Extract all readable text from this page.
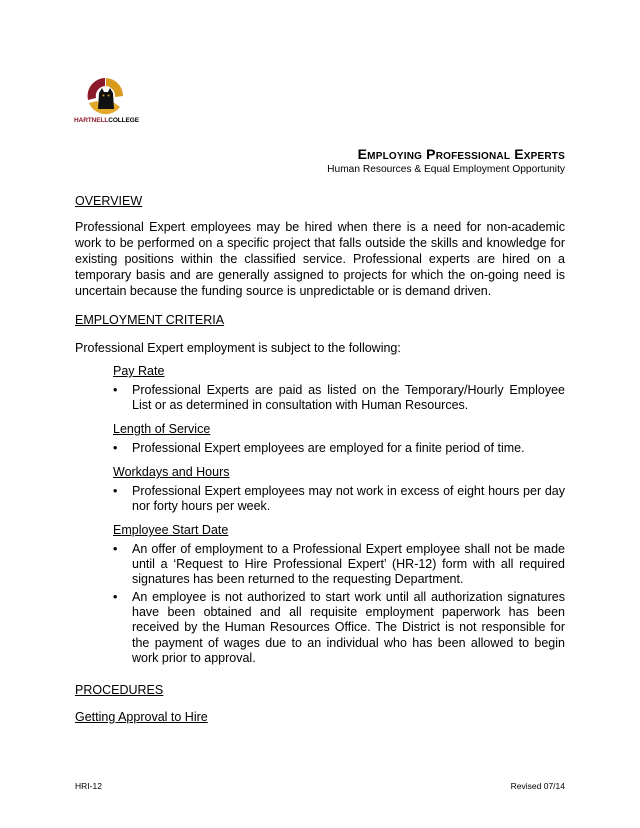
HARTNELLCOLLEGE
Employing Professional Experts
Human Resources & Equal Employment Opportunity
OVERVIEW

Professional Expert employees may be hired when there is a need for non-academic work to be performed on a specific project that falls outside the skills and knowledge for existing positions within the classified service. Professional experts are hired on a temporary basis and are generally assigned to projects for which the on-going need is uncertain because the funding source is unpredictable or is demand driven.

EMPLOYMENT CRITERIA
Professional Expert employment is subject to the following:
Pay Rate
• Professional Experts are paid as listed on the Temporary/Hourly Employee List or as determined in consultation with Human Resources.
Length of Service
• Professional Expert employees are employed for a finite period of time.
Workdays and Hours
• Professional Expert employees may not work in excess of eight hours per day nor forty hours per week.
Employee Start Date
• An offer of employment to a Professional Expert employee shall not be made until a ‘Request to Hire Professional Expert’ (HR-12) form with all required signatures has been returned to the requesting Department.
• An employee is not authorized to start work until all authorization signatures have been obtained and all requisite employment paperwork has been received by the Human Resources Office. The District is not responsible for the payment of wages due to an individual who has been allowed to begin work prior to approval.
PROCEDURES
Getting Approval to Hire
HRI-12	Revised 07/14
